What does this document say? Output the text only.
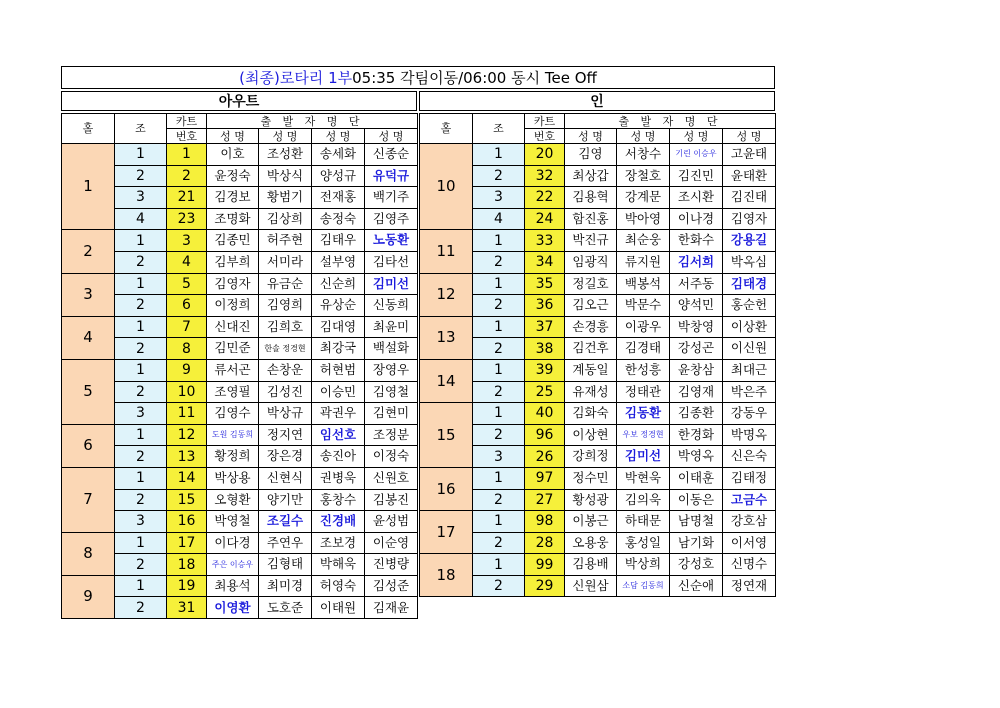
(최종)로타리 1부 05:35 각팀이동/06:00 동시 Tee Off
아우트	인
홀	조	카트	출 발 자 명 단			
		번호	성 명	성 명	성 명	성 명
1	1	1	이호	조성환	송세화	신종순
	2	2	윤정숙	박상식	양성규	유덕규
	3	21	김경보	황범기	전재홍	백기주
	4	23	조명화	김상희	송정숙	김영주
2	1	3	김종민	허주현	김태우	노동환
	2	4	김부희	서미라	설부영	김타선
3	1	5	김영자	유금순	신순희	김미선
	2	6	이정희	김영희	유상순	신동희
4	1	7	신대진	김희호	김대영	최윤미
	2	8	김민준	한솔 정경현	최강국	백설화
5	1	9	류서곤	손창운	허현범	장영우
	2	10	조영필	김성진	이승민	김영철
	3	11	김영수	박상규	곽권우	김현미
6	1	12	도원 김동희	정지연	임선호	조정분
	2	13	황정희	장은경	송진아	이정숙
7	1	14	박상용	신현식	권병욱	신원호
	2	15	오형환	양기만	홍창수	김봉진
	3	16	박영철	조길수	진경배	윤성범
8	1	17	이다경	주연우	조보경	이순영
	2	18	주은 이승우	김형태	박해욱	진병량
9	1	19	최용석	최미경	허영숙	김성준
	2	31	이영환	도호준	이태원	김재윤
홀	조	카트	출 발 자 명 단			
		번호	성 명	성 명	성 명	성 명
10	1	20	김영	서창수	기린 이승우	고윤태
	2	32	최상갑	장철호	김진민	윤태환
	3	22	김용혁	강계문	조시환	김진태
	4	24	함진홍	박아영	이나경	김영자
11	1	33	박진규	최순웅	한화수	강용길
	2	34	임광직	류지원	김서희	박옥심
12	1	35	정길호	백봉석	서주동	김태경
	2	36	김오근	박문수	양석민	홍순헌
13	1	37	손경흥	이광우	박창영	이상환
	2	38	김건후	김경태	강성곤	이신원
14	1	39	계동일	한성흥	윤창삼	최대근
	2	25	유재성	정태관	김영재	박은주
15	1	40	김화숙	김동환	김종환	강동우
	2	96	이상현	우보 정경현	한경화	박명옥
	3	26	강희정	김미선	박영옥	신은숙
16	1	97	정수민	박현욱	이태훈	김태정
	2	27	황성광	김의욱	이동은	고금수
17	1	98	이봉근	하태문	남명철	강호삼
	2	28	오용웅	홍성일	남기화	이서영
18	1	99	김용배	박상희	강성호	신명수
	2	29	신원삼	소담 김동희	신순애	정연재
